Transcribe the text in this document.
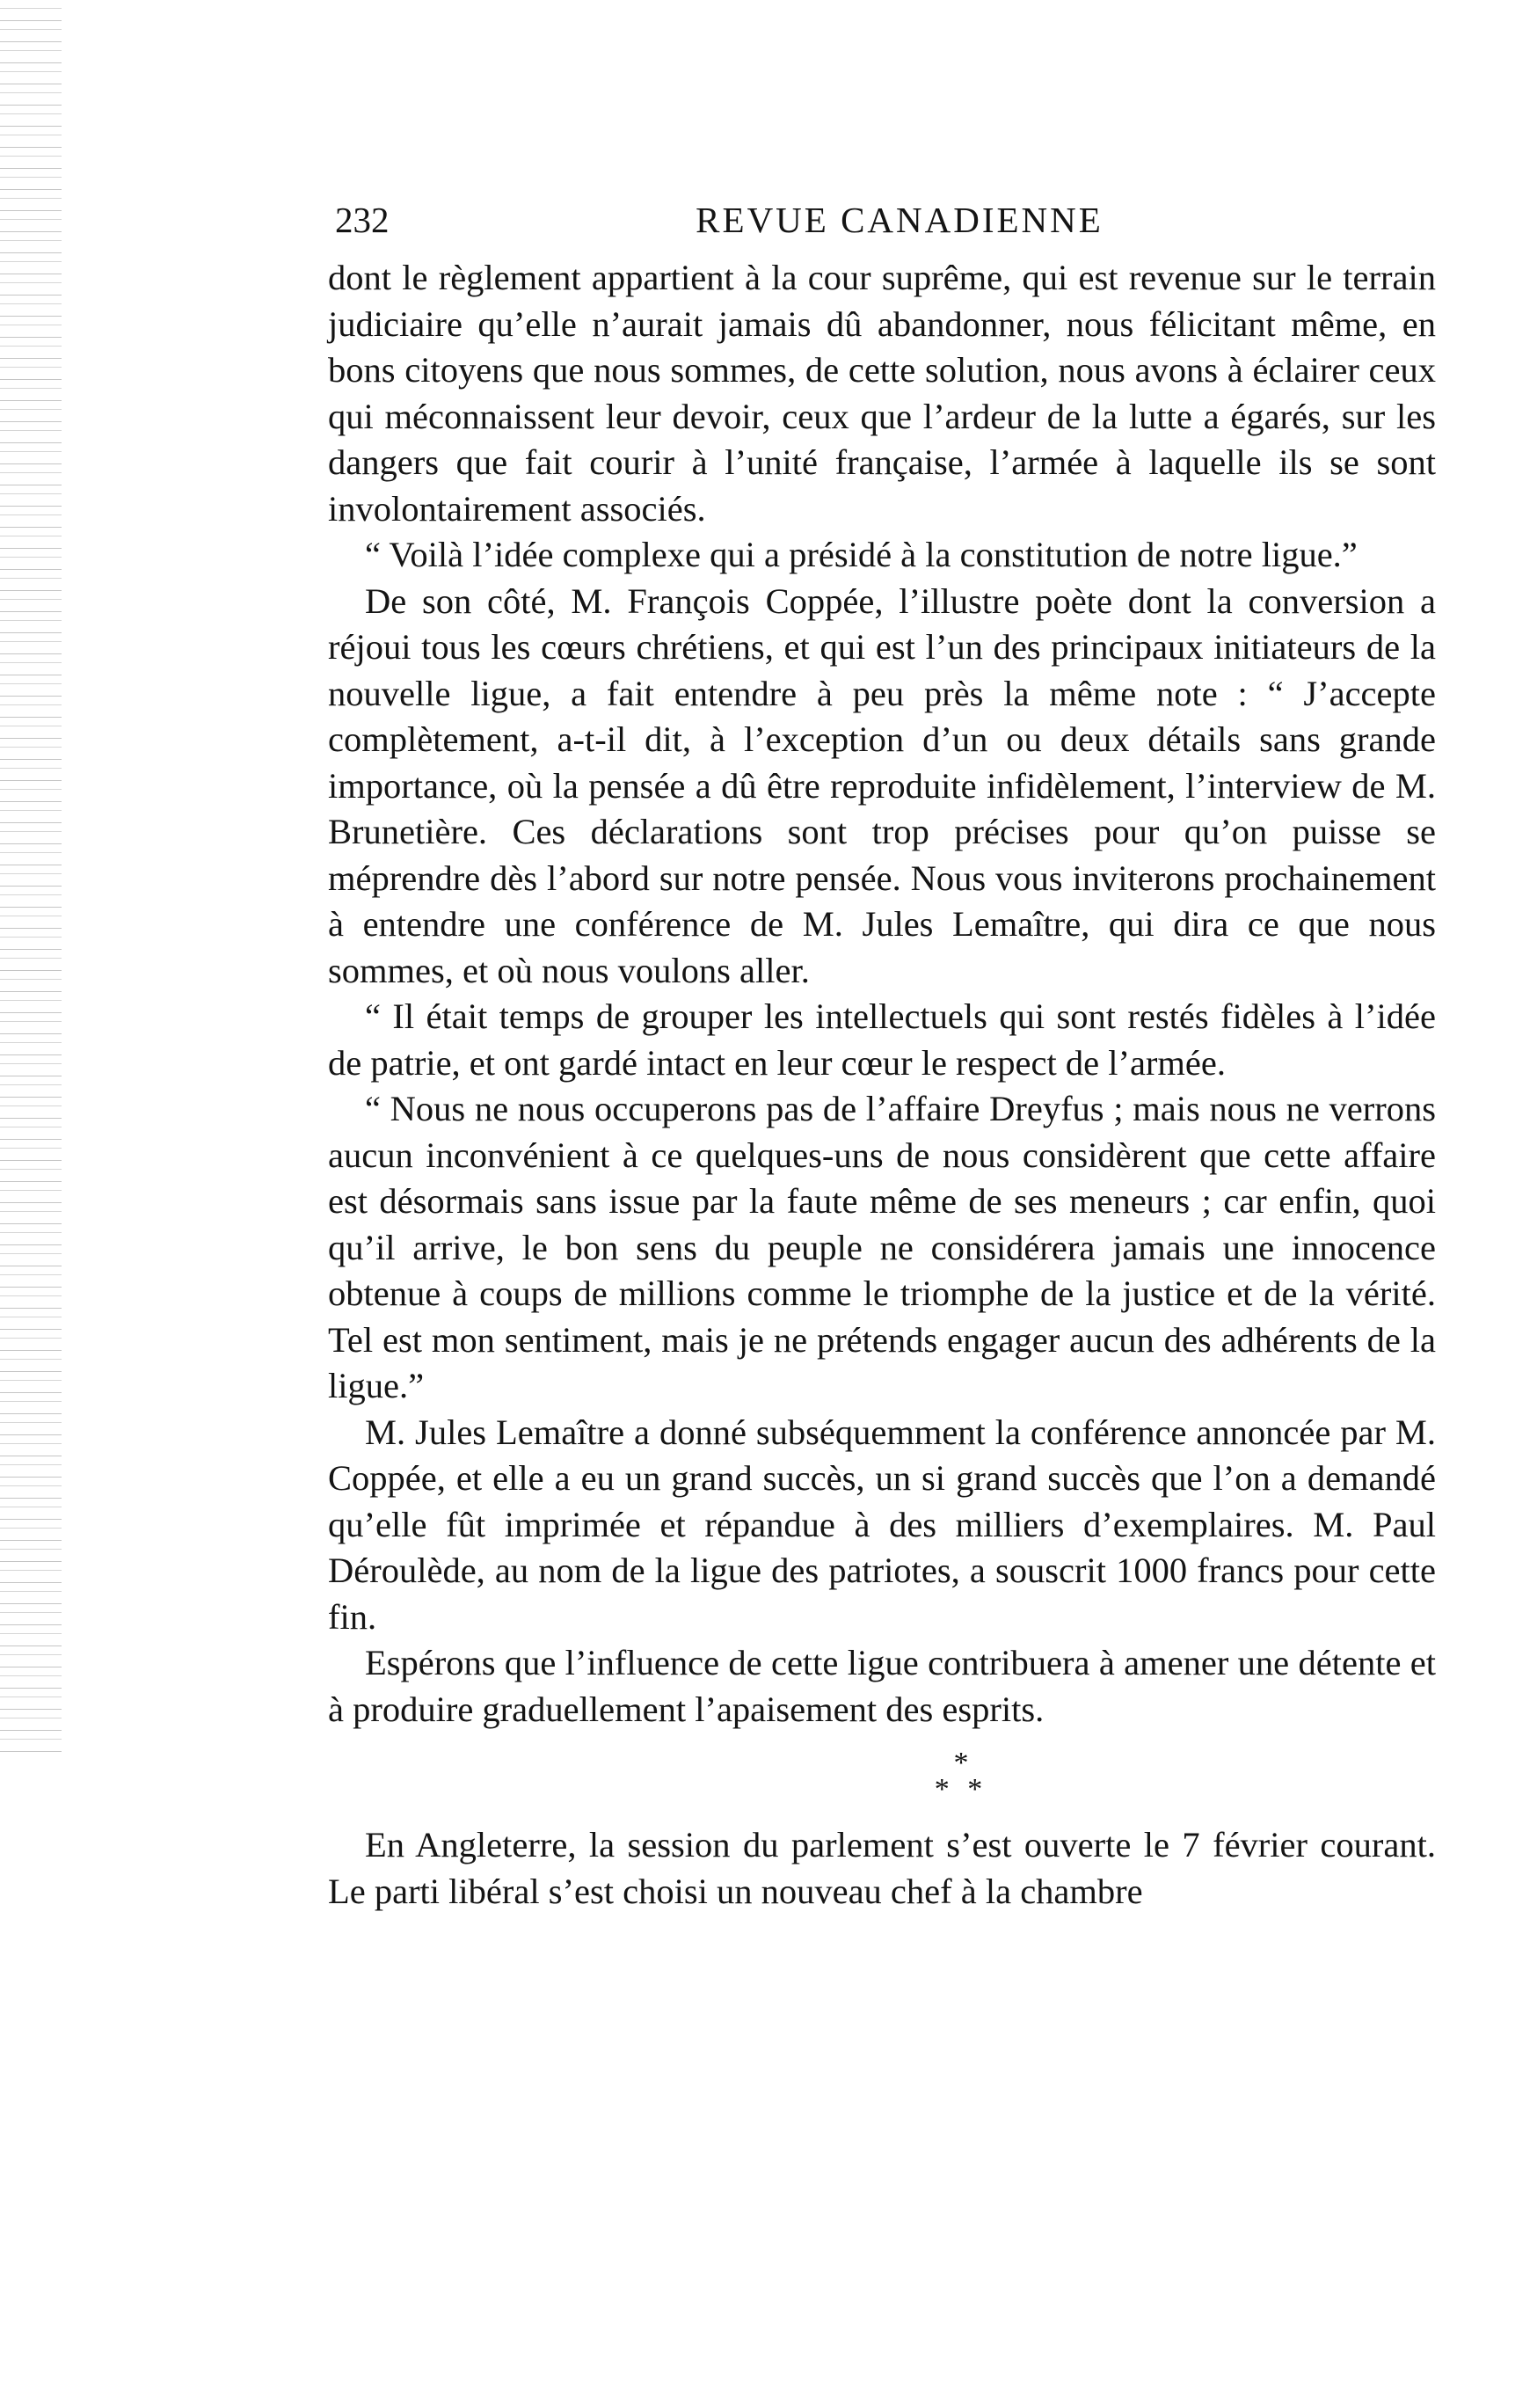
232	REVUE CANADIENNE

dont le règlement appartient à la cour suprême, qui est revenue sur le terrain judiciaire qu’elle n’aurait jamais dû abandonner, nous félicitant même, en bons citoyens que nous sommes, de cette solution, nous avons à éclairer ceux qui méconnaissent leur devoir, ceux que l’ardeur de la lutte a égarés, sur les dangers que fait courir à l’unité française, l’armée à laquelle ils se sont involontairement associés.

“ Voilà l’idée complexe qui a présidé à la constitution de notre ligue.”

De son côté, M. François Coppée, l’illustre poète dont la conversion a réjoui tous les cœurs chrétiens, et qui est l’un des principaux initiateurs de la nouvelle ligue, a fait entendre à peu près la même note : “ J’accepte complètement, a-t-il dit, à l’exception d’un ou deux détails sans grande importance, où la pensée a dû être reproduite infidèlement, l’interview de M. Brunetière. Ces déclarations sont trop précises pour qu’on puisse se méprendre dès l’abord sur notre pensée. Nous vous inviterons prochainement à entendre une conférence de M. Jules Lemaître, qui dira ce que nous sommes, et où nous voulons aller.

“ Il était temps de grouper les intellectuels qui sont restés fidèles à l’idée de patrie, et ont gardé intact en leur cœur le respect de l’armée.

“ Nous ne nous occuperons pas de l’affaire Dreyfus ; mais nous ne verrons aucun inconvénient à ce quelques-uns de nous considèrent que cette affaire est désormais sans issue par la faute même de ses meneurs ; car enfin, quoi qu’il arrive, le bon sens du peuple ne considérera jamais une innocence obtenue à coups de millions comme le triomphe de la justice et de la vérité. Tel est mon sentiment, mais je ne prétends engager aucun des adhérents de la ligue.”

M. Jules Lemaître a donné subséquemment la conférence annoncée par M. Coppée, et elle a eu un grand succès, un si grand succès que l’on a demandé qu’elle fût imprimée et répandue à des milliers d’exemplaires. M. Paul Déroulède, au nom de la ligue des patriotes, a souscrit 1000 francs pour cette fin.

Espérons que l’influence de cette ligue contribuera à amener une détente et à produire graduellement l’apaisement des esprits.

*
* *

En Angleterre, la session du parlement s’est ouverte le 7 février courant. Le parti libéral s’est choisi un nouveau chef à la chambre
